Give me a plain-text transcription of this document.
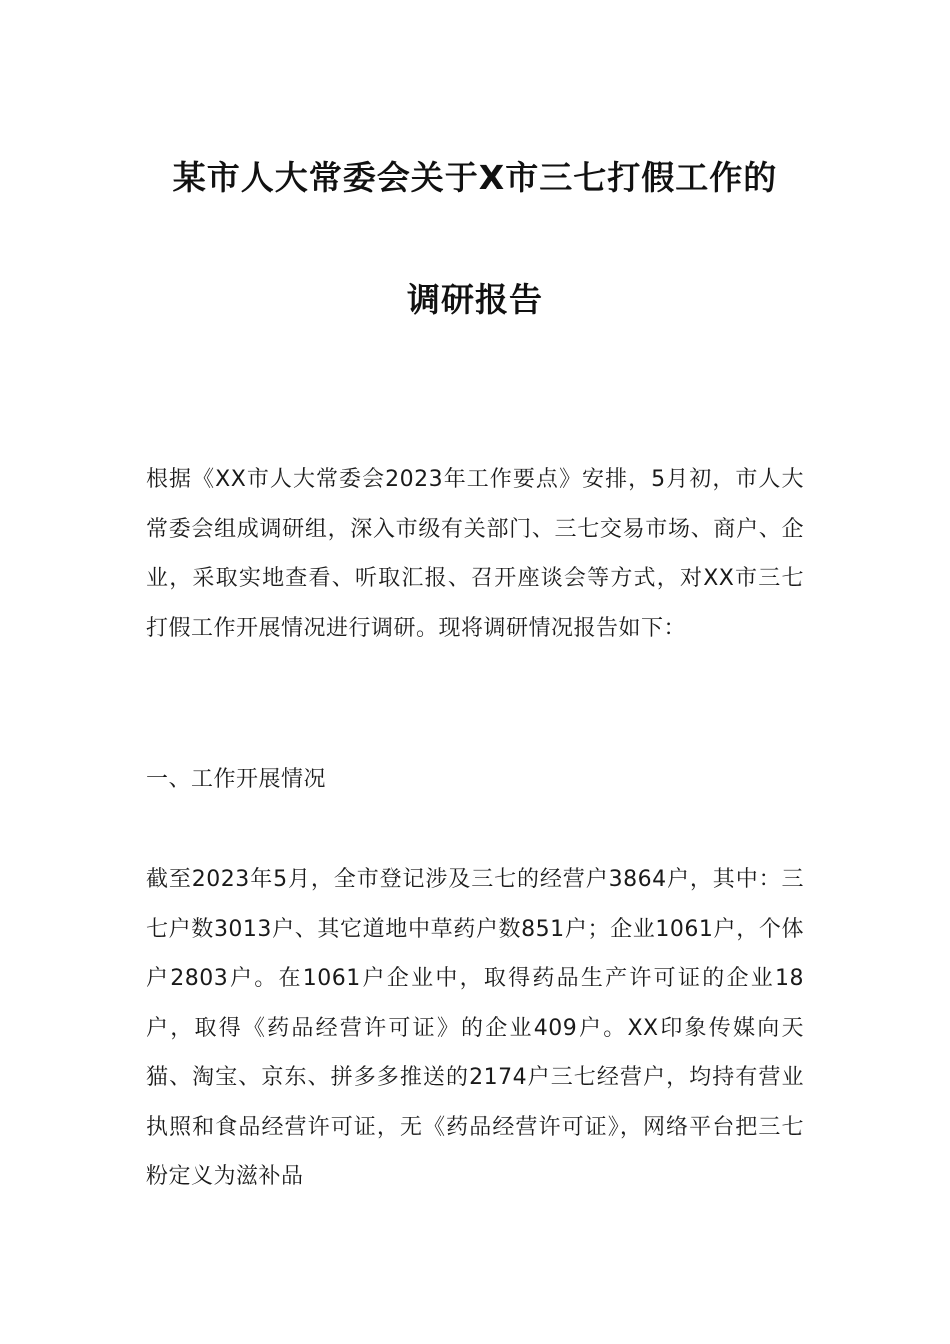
某市人大常委会关于X市三七打假工作的
调研报告

根据《XX市人大常委会2023年工作要点》安排，5月初，市人大常委会组成调研组，深入市级有关部门、三七交易市场、商户、企业，采取实地查看、听取汇报、召开座谈会等方式，对XX市三七打假工作开展情况进行调研。现将调研情况报告如下：

一、工作开展情况

截至2023年5月，全市登记涉及三七的经营户3864户，其中：三七户数3013户、其它道地中草药户数851户；企业1061户，个体户2803户。在1061户企业中，取得药品生产许可证的企业18户，取得《药品经营许可证》的企业409户。XX印象传媒向天猫、淘宝、京东、拼多多推送的2174户三七经营户，均持有营业执照和食品经营许可证，无《药品经营许可证》，网络平台把三七粉定义为滋补品
